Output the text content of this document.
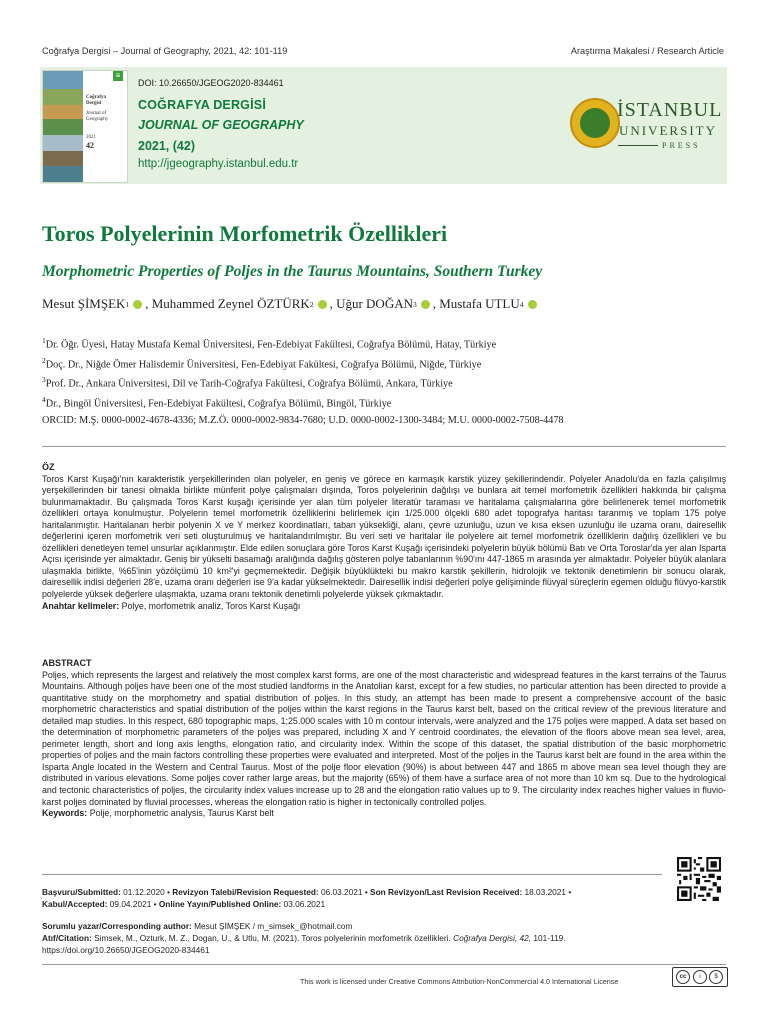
Coğrafya Dergisi – Journal of Geography, 2021, 42: 101-119	Araştırma Makalesi / Research Article
Coğrafya
Dergisi
Journal of
Geography
2021
42
≡
DOI: 10.26650/JGEOG2020-834461
COĞRAFYA DERGİSİ
JOURNAL OF GEOGRAPHY
2021, (42)
http://jgeography.istanbul.edu.tr
İSTANBUL
UNIVERSITY
PRESS
Toros Polyelerinin Morfometrik Özellikleri
Morphometric Properties of Poljes in the Taurus Mountains, Southern Turkey
Mesut ŞİMŞEK 1 , Muhammed Zeynel ÖZTÜRK 2 , Uğur DOĞAN 3 , Mustafa UTLU 4
$^1$Dr. Öğr. Üyesi, Hatay Mustafa Kemal Üniversitesi, Fen-Edebiyat Fakültesi, Coğrafya Bölümü, Hatay, Türkiye
$^2$Doç. Dr., Niğde Ömer Halisdemir Üniversitesi, Fen-Edebiyat Fakültesi, Coğrafya Bölümü, Niğde, Türkiye
$^3$Prof. Dr., Ankara Üniversitesi, Dil ve Tarih-Coğrafya Fakültesi, Coğrafya Bölümü, Ankara, Türkiye
$^4$Dr., Bingöl Üniversitesi, Fen-Edebiyat Fakültesi, Coğrafya Bölümü, Bingöl, Türkiye
ORCID: M.Ş. 0000-0002-4678-4336; M.Z.Ö. 0000-0002-9834-7680; U.D. 0000-0002-1300-3484; M.U. 0000-0002-7508-4478
ÖZ
Toros Karst Kuşağı'nın karakteristik yerşekillerinden olan polyeler, en geniş ve görece en karmaşık karstik yüzey şekillerindendir. Polyeler Anadolu'da en fazla çalışılmış yerşekillerinden bir tanesi olmakla birlikte münferit polye çalışmaları dışında, Toros polyelerinin dağılışı ve bunlara ait temel morfometrik özellikleri hakkında bir çalışma bulunmamaktadır. Bu çalışmada Toros Karst kuşağı içerisinde yer alan tüm polyeler literatür taraması ve haritalama çalışmalarına göre belirlenerek temel morfometrik özellikleri ortaya konulmuştur. Polyelerin temel morfometrik özelliklerini belirlemek için 1/25.000 ölçekli 680 adet topografya haritası taranmış ve toplam 175 polye haritalanmıştır. Haritalanan herbir polyenin X ve Y merkez koordinatları, taban yüksekliği, alanı, çevre uzunluğu, uzun ve kısa eksen uzunluğu ile uzama oranı, dairesellik değerlerini içeren morfometrik veri seti oluşturulmuş ve haritalandırılmıştır. Bu veri seti ve haritalar ile polyelere ait temel morfometrik özelliklerin dağılış özellikleri ve bu özellikleri denetleyen temel unsurlar açıklanmıştır. Elde edilen sonuçlara göre Toros Karst Kuşağı içerisindeki polyelerin büyük bölümü Batı ve Orta Toroslar'da yer alan Isparta Açısı içerisinde yer almaktadır. Geniş bir yükselti basamağı aralığında dağılış gösteren polye tabanlarının %90'ını 447-1865 m arasında yer almaktadır. Polyeler büyük alanlara ulaşmakla birlikte, %65'inin yözölçümü 10 km²'yi geçmemektedir. Değişik büyüklükteki bu makro karstik şekillerin, hidrolojik ve tektonik denetimlerin bir sonucu olarak, dairesellik indisi değerleri 28'e, uzama oranı değerleri ise 9'a kadar yükselmektedir. Dairesellik indisi değerleri polye gelişiminde flüvyal süreçlerin egemen olduğu flüvyo-karstik polyelerde yüksek değerlere ulaşmakta, uzama oranı tektonik denetimli polyelerde yüksek çıkmaktadır.
Anahtar kelimeler: Polye, morfometrik analiz, Toros Karst Kuşağı
ABSTRACT
Poljes, which represents the largest and relatively the most complex karst forms, are one of the most characteristic and widespread features in the karst terrains of the Taurus Mountains. Although poljes have been one of the most studied landforms in the Anatolian karst, except for a few studies, no particular attention has been directed to provide a quantitative study on the morphometry and spatial distribution of poljes. In this study, an attempt has been made to present a comprehensive account of the basic morphometric characteristics and spatial distribution of the poljes within the karst regions in the Taurus karst belt, based on the critical review of the previous literature and detailed map studies. In this respect, 680 topographic maps, 1;25.000 scales with 10 m contour intervals, were analyzed and the 175 poljes were mapped. A data set based on the determination of morphometric parameters of the poljes was prepared, including X and Y centroid coordinates, the elevation of the floors above mean sea level, area, perimeter length, short and long axis lengths, elongation ratio, and circularity index. Within the scope of this dataset, the spatial distribution of the basic morphometric properties of poljes and the main factors controlling these properties were evaluated and interpreted. Most of the poljes in the Taurus karst belt are found in the area within the Isparta Angle located in the Western and Central Taurus. Most of the polje floor elevation (90%) is about between 447 and 1865 m above mean sea level though they are distributed in various elevations. Some poljes cover rather large areas, but the majority (65%) of them have a surface area of not more than 10 km sq. Due to the hydrological and tectonic characteristics of poljes, the circularity index values increase up to 28 and the elongation ratio values up to 9. The circularity index reaches higher values in fluvio-karst poljes dominated by fluvial processes, whereas the elongation ratio is higher in tectonically controlled poljes.
Keywords: Polje, morphometric analysis, Taurus Karst belt
Başvuru/Submitted: 01.12.2020 • Revizyon Talebi/Revision Requested: 06.03.2021 • Son Revizyon/Last Revision Received: 18.03.2021 •
Kabul/Accepted: 09.04.2021 • Online Yayın/Published Online: 03.06.2021
Sorumlu yazar/Corresponding author: Mesut ŞİMŞEK / m_simsek_@hotmail.com
Atıf/Citation: Simsek, M., Ozturk, M. Z., Dogan, U., & Utlu, M. (2021). Toros polyelerinin morfometrik özellikleri. Coğrafya Dergisi, 42, 101-119.
https://doi.org/10.26650/JGEOG2020-834461
This work is licensed under Creative Commons Attribution-NonCommercial 4.0 International License	cc	i	$
